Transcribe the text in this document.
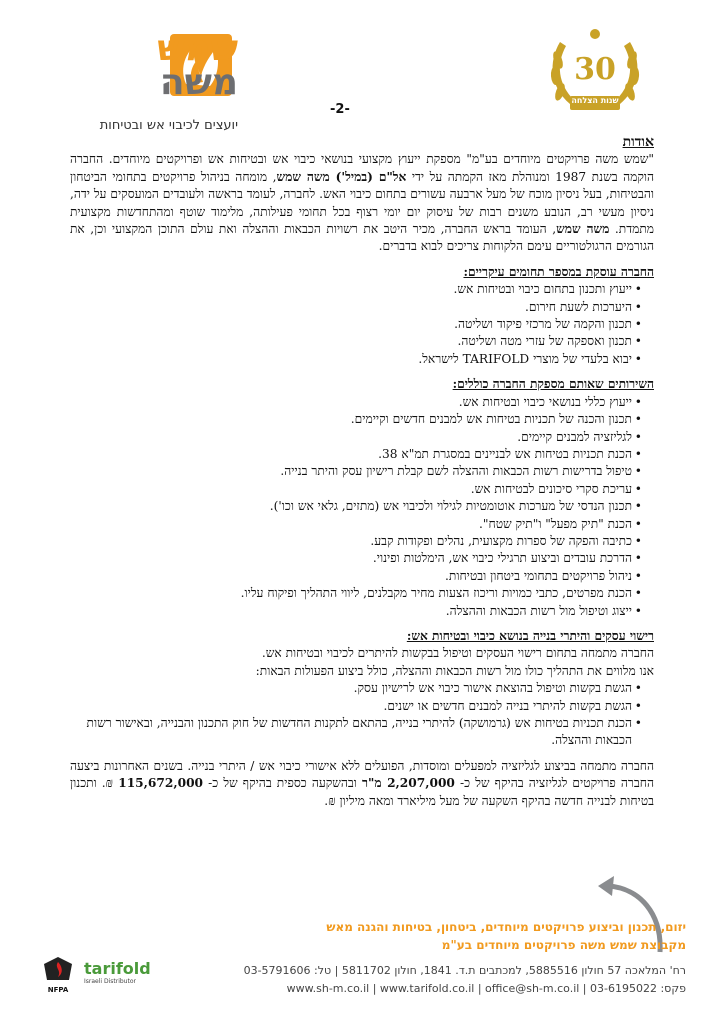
שמש
משה
יועצים לכיבוי אש ובטיחות
30
שנות הצלחה
-2-

אודות

"שמש משה פרויקטים מיוחדים בע"מ" מספקת ייעוץ מקצועי בנושאי כיבוי אש ובטיחות אש ופרויקטים מיוחדים. החברה הוקמה בשנת 1987 ומנוהלת מאז הקמתה על ידי אל"ם (במיל') משה שמש, מומחה בניהול פרויקטים בתחומי הביטחון והבטיחות, בעל ניסיון מוכח של מעל ארבעה עשורים בתחום כיבוי האש. לחברה, לעומד בראשה ולעובדים המועסקים על ידה, ניסיון מעשי רב, הנובע משנים רבות של עיסוק יום יומי רצוף בכל תחומי פעילותה, מלימוד שוטף ומהתחדשות מקצועית מתמדת. משה שמש, העומד בראש החברה, מכיר היטב את רשויות הכבאות וההצלה ואת עולם התוכן המקצועי וכן, את הגורמים הרגולטוריים עימם הלקוחות צריכים לבוא בדברים.

החברה עוסקת במספר תחומים עיקריים:

• ייעוץ ותכנון בתחום כיבוי ובטיחות אש.
• היערכות לשעת חירום.
• תכנון והקמה של מרכזי פיקוד ושליטה.
• תכנון ואספקה של עזרי מטה ושליטה.
• יבוא בלעדי של מוצרי TARIFOLD לישראל.

השירותים שאותם מספקת החברה כוללים:

• ייעוץ כללי בנושאי כיבוי ובטיחות אש.
• תכנון והכנה של תכניות בטיחות אש למבנים חדשים וקיימים.
• לגליזציה למבנים קיימים.
• הכנת תכניות בטיחות אש לבניינים במסגרת תמ"א 38.
• טיפול בדרישות רשות הכבאות וההצלה לשם קבלת רישיון עסק והיתר בנייה.
• עריכת סקרי סיכונים לבטיחות אש.
• תכנון הנדסי של מערכות אוטומטיות לגילוי ולכיבוי אש (מתזים, גלאי אש וכו').
• הכנת "תיק מפעל" ו"תיק שטח".
• כתיבה והפקה של ספרות מקצועית, נהלים ופקודות קבע.
• הדרכת עובדים וביצוע תרגילי כיבוי אש, הימלטות ופינוי.
• ניהול פרויקטים בתחומי ביטחון ובטיחות.
• הכנת מפרטים, כתבי כמויות וריכוז הצעות מחיר מקבלנים, ליווי התהליך ופיקוח עליו.
• ייצוג וטיפול מול רשות הכבאות וההצלה.

רישוי עסקים והיתרי בנייה בנושא כיבוי ובטיחות אש:

החברה מתמחה בתחום רישוי העסקים וטיפול בבקשות להיתרים לכיבוי ובטיחות אש.

אנו מלווים את התהליך כולו מול רשות הכבאות וההצלה, כולל ביצוע הפעולות הבאות:

• הגשת בקשות וטיפול בהוצאת אישור כיבוי אש לרישיון עסק.
• הגשת בקשות להיתרי בנייה למבנים חדשים או ישנים.
• הכנת תכניות בטיחות אש (גרמושקה) להיתרי בנייה, בהתאם לתקנות החדשות של חוק התכנון והבנייה, ובאישור רשות הכבאות וההצלה.

החברה מתמחה בביצוע לגליזציה למפעלים ומוסדות, הפועלים ללא אישורי כיבוי אש / היתרי בנייה. בשנים האחרונות ביצעה החברה פרויקטים לגליזציה בהיקף של כ- 2,207,000 מ"ר ובהשקעה כספית בהיקף של כ- 115,672,000 ₪. ותכנון בטיחות לבנייה חדשה בהיקף השקעה של מעל מיליארד ומאה מיליון ₪.

יזום, תכנון וביצוע פרויקטים מיוחדים, ביטחון, בטיחות והגנה מאש
מקבוצת שמש משה פרויקטים מיוחדים בע"מ
רח' המלאכה 57 חולון 5885516, למכתבים ת.ד. 1841, חולון 5811702 | טל: 03-5791606
פקס: 03-6195022 | www.sh-m.co.il | www.tarifold.co.il | office@sh-m.co.il
NFPA
tarifold
Israeli Distributor
